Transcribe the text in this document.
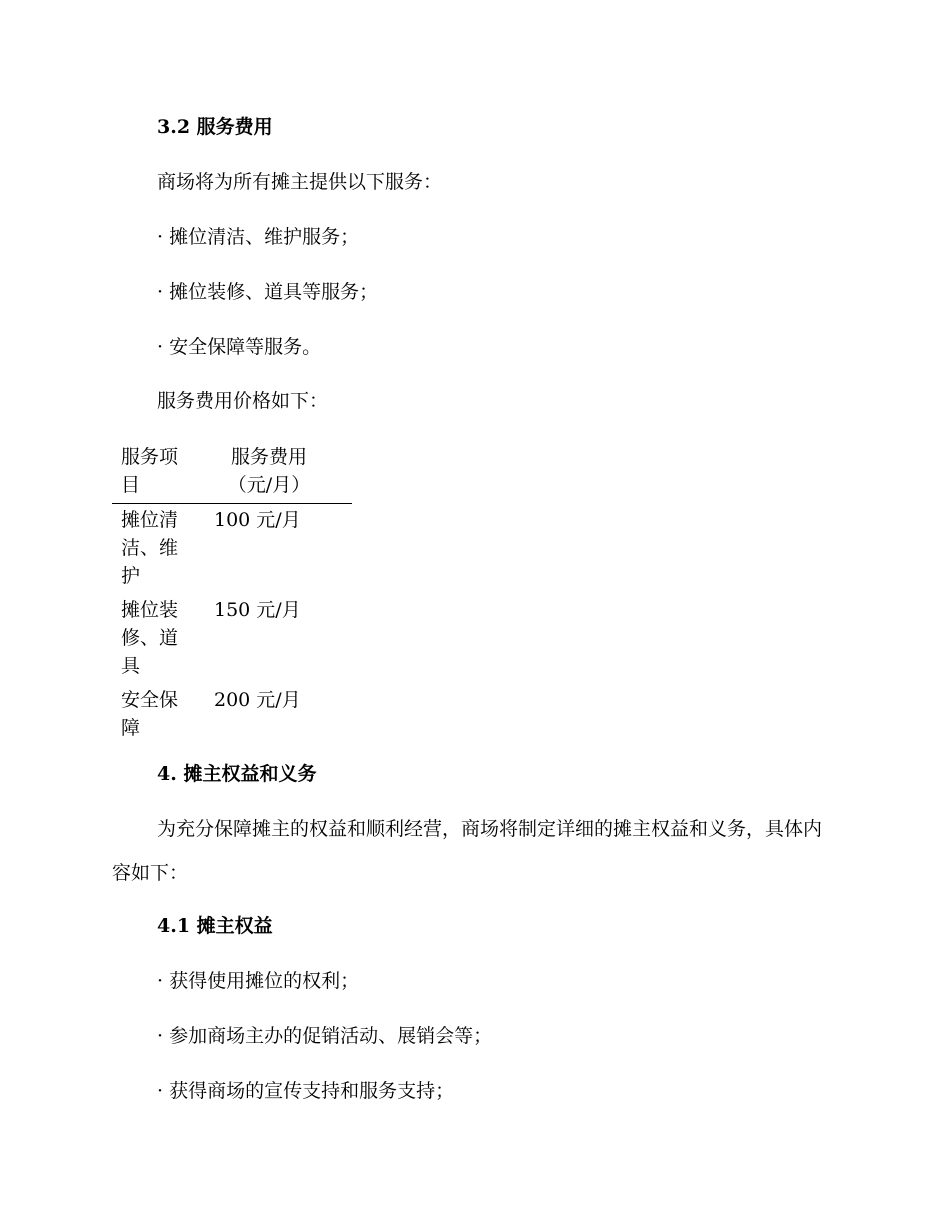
3.2 服务费用
商场将为所有摊主提供以下服务：
· 摊位清洁、维护服务；
· 摊位装修、道具等服务；
· 安全保障等服务。
服务费用价格如下：
服务项目	服务费用（元/月）
摊位清洁、维护	100 元/月
摊位装修、道具	150 元/月
安全保障	200 元/月
4. 摊主权益和义务
为充分保障摊主的权益和顺利经营，商场将制定详细的摊主权益和义务，具体内容如下：
4.1 摊主权益
· 获得使用摊位的权利；
· 参加商场主办的促销活动、展销会等；
· 获得商场的宣传支持和服务支持；
